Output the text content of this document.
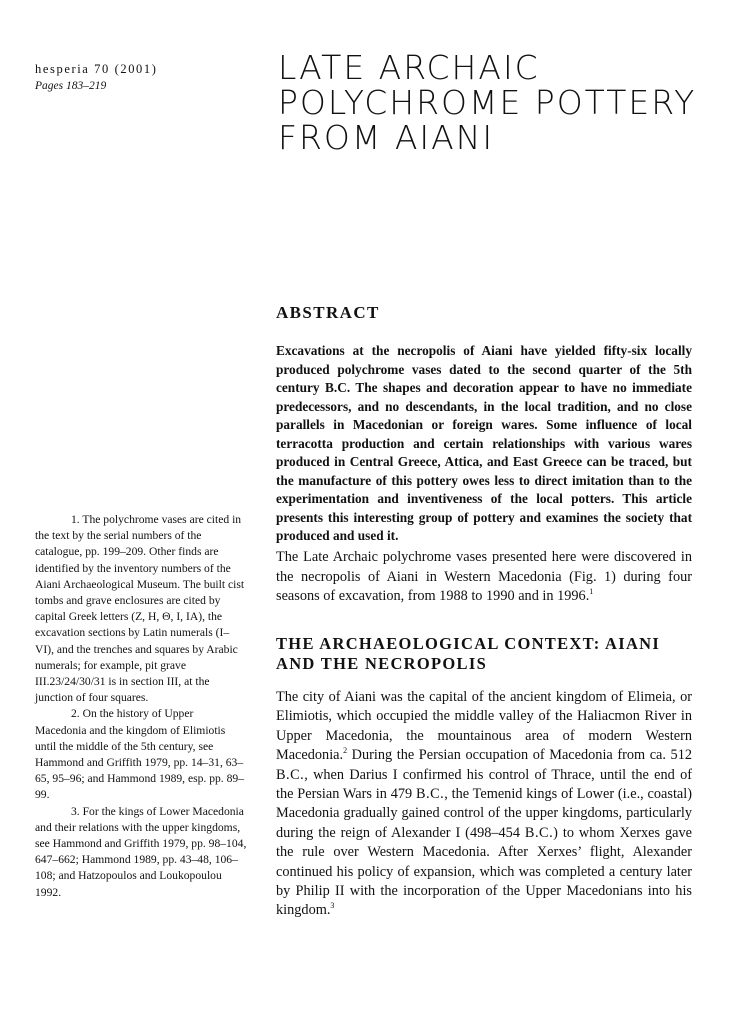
hesperia 70 (2001)
Pages 183–219	LATE ARCHAIC
POLYCHROME POTTERY
FROM AIANI
ABSTRACT

Excavations at the necropolis of Aiani have yielded fifty-six locally produced polychrome vases dated to the second quarter of the 5th century B.C. The shapes and decoration appear to have no immediate predecessors, and no descendants, in the local tradition, and no close parallels in Macedonian or foreign wares. Some influence of local terracotta production and certain relationships with various wares produced in Central Greece, Attica, and East Greece can be traced, but the manufacture of this pottery owes less to direct imitation than to the experimentation and inventiveness of the local potters. This article presents this interesting group of pottery and examines the society that produced and used it.

The Late Archaic polychrome vases presented here were discovered in the necropolis of Aiani in Western Macedonia (Fig. 1) during four seasons of excavation, from 1988 to 1990 and in 1996.$^1$

THE ARCHAEOLOGICAL CONTEXT: AIANI AND THE NECROPOLIS

The city of Aiani was the capital of the ancient kingdom of Elimeia, or Elimiotis, which occupied the middle valley of the Haliacmon River in Upper Macedonia, the mountainous area of modern Western Macedonia.$^2$ During the Persian occupation of Macedonia from ca. 512 B.C., when Darius I confirmed his control of Thrace, until the end of the Persian Wars in 479 B.C., the Temenid kings of Lower (i.e., coastal) Macedonia gradually gained control of the upper kingdoms, particularly during the reign of Alexander I (498–454 B.C.) to whom Xerxes gave the rule over Western Macedonia. After Xerxes’ flight, Alexander continued his policy of expansion, which was completed a century later by Philip II with the incorporation of the Upper Macedonians into his kingdom.$^3$

1. The polychrome vases are cited in the text by the serial numbers of the catalogue, pp. 199–209. Other finds are identified by the inventory numbers of the Aiani Archaeological Museum. The built cist tombs and grave enclosures are cited by capital Greek letters (Z, H, Θ, I, IA), the excavation sections by Latin numerals (I–VI), and the trenches and squares by Arabic numerals; for example, pit grave III.23/24/30/31 is in section III, at the junction of four squares.

2. On the history of Upper Macedonia and the kingdom of Elimiotis until the middle of the 5th century, see Hammond and Griffith 1979, pp. 14–31, 63–65, 95–96; and Hammond 1989, esp. pp. 89–99.

3. For the kings of Lower Macedonia and their relations with the upper kingdoms, see Hammond and Griffith 1979, pp. 98–104, 647–662; Hammond 1989, pp. 43–48, 106–108; and Hatzopoulos and Loukopoulou 1992.
